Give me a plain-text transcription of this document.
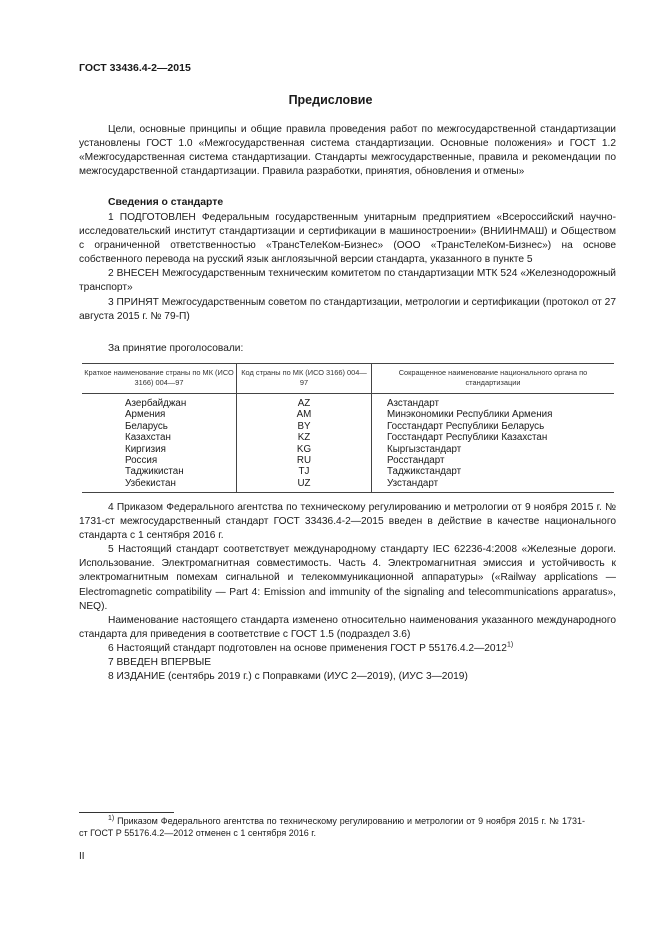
ГОСТ 33436.4-2—2015
Предисловие

Цели, основные принципы и общие правила проведения работ по межгосударственной стандартизации установлены ГОСТ 1.0 «Межгосударственная система стандартизации. Основные положения» и ГОСТ 1.2 «Межгосударственная система стандартизации. Стандарты межгосударственные, правила и рекомендации по межгосударственной стандартизации. Правила разработки, принятия, обновления и отмены»

Сведения о стандарте

1 ПОДГОТОВЛЕН Федеральным государственным унитарным предприятием «Всероссийский научно-исследовательский институт стандартизации и сертификации в машиностроении» (ВНИИНМАШ) и Обществом с ограниченной ответственностью «ТрансТелеКом-Бизнес» (ООО «ТрансТелеКом-Бизнес») на основе собственного перевода на русский язык англоязычной версии стандарта, указанного в пункте 5

2 ВНЕСЕН Межгосударственным техническим комитетом по стандартизации МТК 524 «Железнодорожный транспорт»

3 ПРИНЯТ Межгосударственным советом по стандартизации, метрологии и сертификации (протокол от 27 августа 2015 г. № 79-П)

За принятие проголосовали:
Краткое наименование страны по МК (ИСО 3166) 004—97	Код страны по МК (ИСО 3166) 004—97	Сокращенное наименование национального органа по стандартизации
Азербайджан	AZ	Азстандарт
Армения	AM	Минэкономики Республики Армения
Беларусь	BY	Госстандарт Республики Беларусь
Казахстан	KZ	Госстандарт Республики Казахстан
Киргизия	KG	Кыргызстандарт
Россия	RU	Росстандарт
Таджикистан	TJ	Таджикстандарт
Узбекистан	UZ	Узстандарт

4 Приказом Федерального агентства по техническому регулированию и метрологии от 9 ноября 2015 г. № 1731-ст межгосударственный стандарт ГОСТ 33436.4-2—2015 введен в действие в качестве национального стандарта с 1 сентября 2016 г.

5 Настоящий стандарт соответствует международному стандарту IEC 62236-4:2008 «Железные дороги. Использование. Электромагнитная совместимость. Часть 4. Электромагнитная эмиссия и устойчивость к электромагнитным помехам сигнальной и телекоммуникационной аппаратуры» («Railway applications — Electromagnetic compatibility — Part 4: Emission and immunity of the signaling and telecommunications apparatus», NEQ).

Наименование настоящего стандарта изменено относительно наименования указанного международного стандарта для приведения в соответствие с ГОСТ 1.5 (подраздел 3.6)

6 Настоящий стандарт подготовлен на основе применения ГОСТ Р 55176.4.2—2012$^{1)}$

7 ВВЕДЕН ВПЕРВЫЕ

8 ИЗДАНИЕ (сентябрь 2019 г.) с Поправками (ИУС 2—2019), (ИУС 3—2019)

$^{1)}$ Приказом Федерального агентства по техническому регулированию и метрологии от 9 ноября 2015 г. № 1731-ст ГОСТ Р 55176.4.2—2012 отменен с 1 сентября 2016 г.

II
